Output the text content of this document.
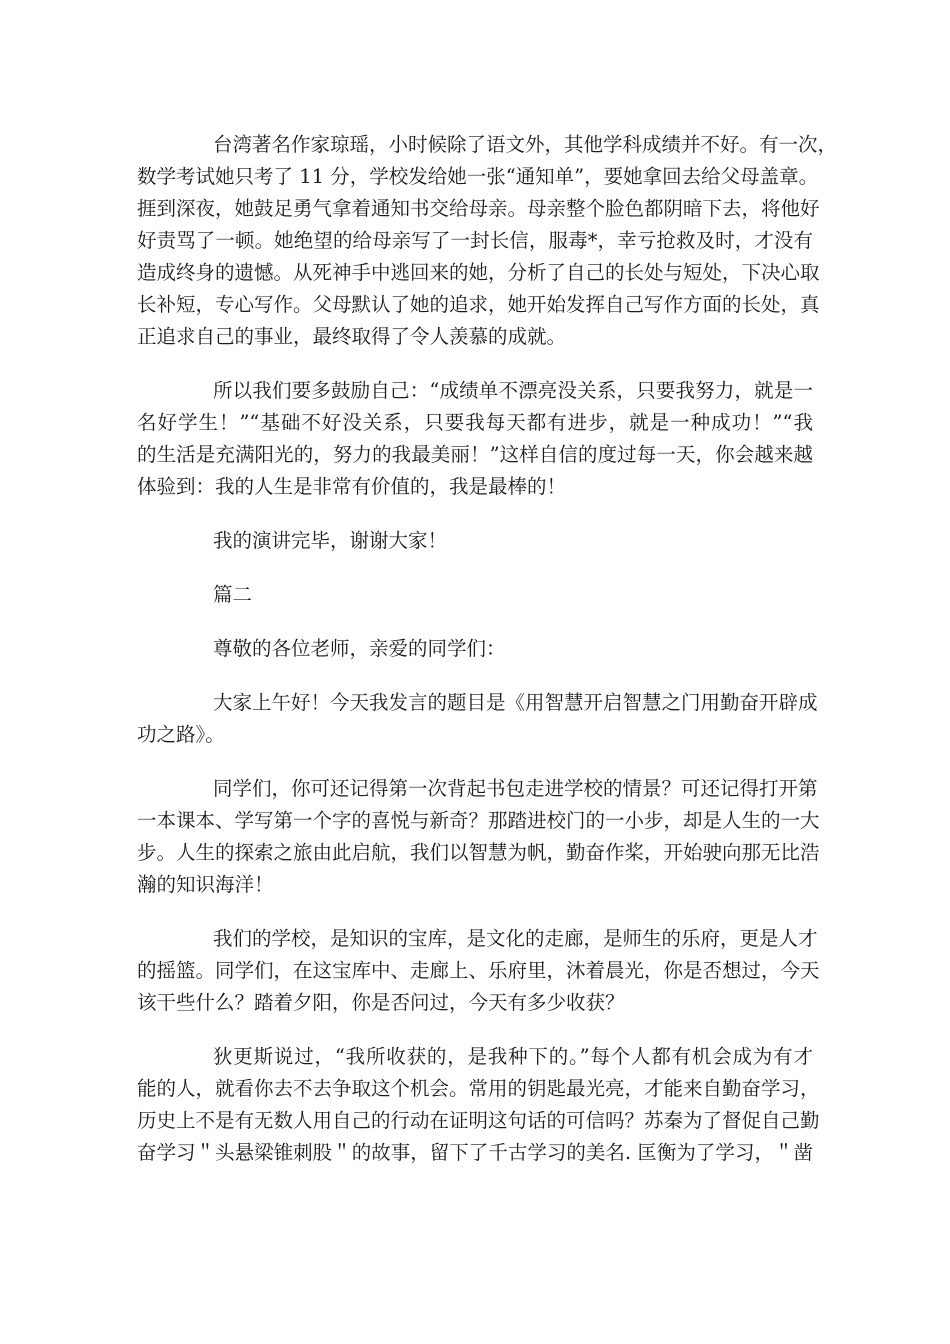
台湾著名作家琼瑶，小时候除了语文外，其他学科成绩并不好。有一次，
数学考试她只考了 11 分，学校发给她一张“通知单”，要她拿回去给父母盖章。
捱到深夜，她鼓足勇气拿着通知书交给母亲。母亲整个脸色都阴暗下去，将他好
好责骂了一顿。她绝望的给母亲写了一封长信，服毒*，幸亏抢救及时，才没有
造成终身的遗憾。从死神手中逃回来的她，分析了自己的长处与短处，下决心取
长补短，专心写作。父母默认了她的追求，她开始发挥自己写作方面的长处，真
正追求自己的事业，最终取得了令人羡慕的成就。
所以我们要多鼓励自己：“成绩单不漂亮没关系，只要我努力，就是一
名好学生！”“基础不好没关系，只要我每天都有进步，就是一种成功！”“我
的生活是充满阳光的，努力的我最美丽！”这样自信的度过每一天，你会越来越
体验到：我的人生是非常有价值的，我是最棒的！
我的演讲完毕，谢谢大家！
篇二
尊敬的各位老师，亲爱的同学们：
大家上午好！今天我发言的题目是《用智慧开启智慧之门用勤奋开辟成
功之路》。
同学们，你可还记得第一次背起书包走进学校的情景？可还记得打开第
一本课本、学写第一个字的喜悦与新奇？那踏进校门的一小步，却是人生的一大
步。人生的探索之旅由此启航，我们以智慧为帆，勤奋作桨，开始驶向那无比浩
瀚的知识海洋！
我们的学校，是知识的宝库，是文化的走廊，是师生的乐府，更是人才
的摇篮。同学们，在这宝库中、走廊上、乐府里，沐着晨光，你是否想过，今天
该干些什么？踏着夕阳，你是否问过，今天有多少收获？
狄更斯说过，“我所收获的，是我种下的。”每个人都有机会成为有才
能的人，就看你去不去争取这个机会。常用的钥匙最光亮，才能来自勤奋学习，
历史上不是有无数人用自己的行动在证明这句话的可信吗？苏秦为了督促自己勤
奋学习＂头悬梁锥刺股＂的故事，留下了千古学习的美名. 匡衡为了学习，＂凿
